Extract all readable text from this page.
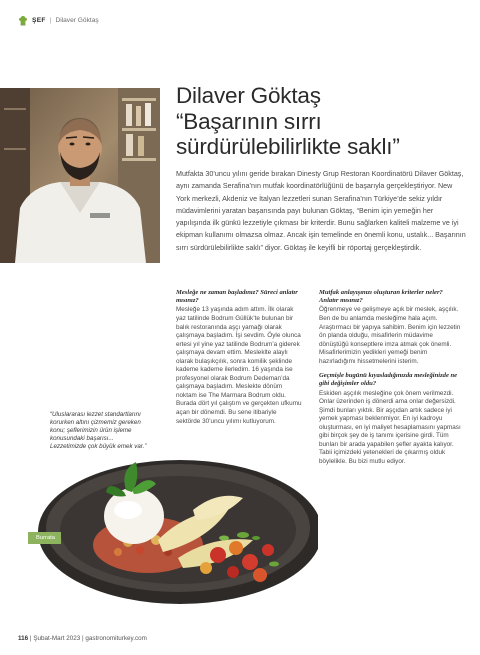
ŞEF | Dilaver Göktaş
Dilaver Göktaş
“Başarının sırrı
sürdürülebilirlikte saklı”

Mutfakta 30’uncu yılını geride bırakan Dinesty Grup Restoran Koordinatörü Dilaver Göktaş, aynı zamanda Serafina’nın mutfak koordinatörlüğünü de başarıyla gerçekleştiriyor. New York merkezli, Akdeniz ve İtalyan lezzetleri sunan Serafina’nın Türkiye’de sekiz yıldır müdavimlerini yaratan başarısında payı bulunan Göktaş, “Benim için yemeğin her yapılışında ilk günkü lezzetiyle çıkması bir kriterdir. Bunu sağlarken kaliteli malzeme ve iyi ekipman kullanımı olmazsa olmaz. Ancak işin temelinde en önemli konu, ustalık... Başarının sırrı sürdürülebilirlikte saklı” diyor. Göktaş ile keyifli bir röportaj gerçekleştirdik.

Mesleğe ne zaman başladınız? Süreci anlatır mısınız?
Mesleğe 13 yaşında adım attım. İlk olarak yaz tatilinde Bodrum Güllük’te bulunan bir balık restoranında aşçı yamağı olarak çalışmaya başladım. İşi sevdim. Öyle olunca ertesi yıl yine yaz tatilinde Bodrum’a giderek çalışmaya devam ettim. Mesleklte alaylı olarak bulaşıkçılık, sonra komilik şeklinde kademe kademe ilerledim. 16 yaşında ise profesyonel olarak Bodrum Dedeman’da çalışmaya başladım. Meslekte dönüm noktam ise The Marmara Bodrum oldu. Burada dört yıl çalıştım ve gerçekten ufkumu açan bir dönemdi. Bu sene itibariyle sektörde 30’uncu yılımı kutluyorum.
Mutfak anlayışınızı oluşturan kriterler neler? Anlatır mısınız?
Öğrenmeye ve gelişmeye açık bir meslek, aşçılık. Ben de bu anlamda mesleğime hala açım. Araştırmacı bir yapıya sahibim. Benim için lezzetin ön planda olduğu, misafirlerin müdavime dönüştüğü konseptlere imza atmak çok önemli. Misafirlerimizin yedikleri yemeği benim hazırladığımı hissetmelerini isterim.
Geçmişle bugünü kıyasladığınızda mesleğinizde ne gibi değişimler oldu?
Eskiden aşçılık mesleğine çok önem verilmezdi. Onlar üzerinden iş dönerdi ama onlar değersizdi. Şimdi bunları yıktık. Bir aşçıdan artık sadece iyi yemek yapması beklenmiyor. En iyi kadroyu oluşturması, en iyi maliyet hesaplamasını yapması gibi birçok şey de iş tanımı içerisine girdi. Tüm bunları bir arada yapabilen şefler ayakta kalıyor. Tabii içimizdeki yetenekleri de çıkarmış olduk böylelikle. Bu bizi mutlu ediyor.
“Uluslararası lezzet standartlarını korurken altını çizmemiz gereken konu; şeflerimizin ürün işleme konusundaki başarısı... Lezzetimizde çok büyük emek var.”
Burrata
116 | Şubat-Mart 2023 | gastronomiturkey.com
